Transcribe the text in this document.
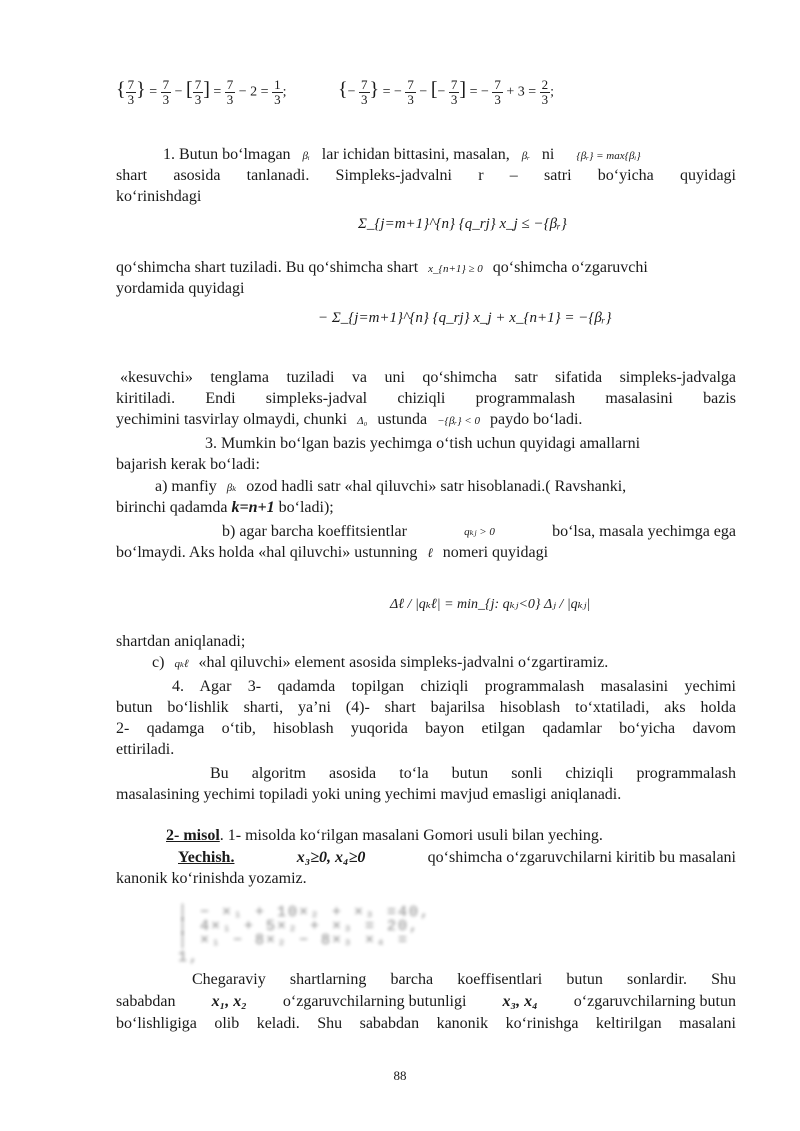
{ $\frac{7}{3}$ } = $\frac{7}{3}$ − [ $\frac{7}{3}$ ] = $\frac{7}{3} - 2 = \frac{1}{3}$ ;	{− $\frac{7}{3}$ } = − $\frac{7}{3}$ − [− $\frac{7}{3}$ ] = − $\frac{7}{3} + 3 = \frac{2}{3}$ ;
1. Butun bo‘lmagan βᵢ lar ichidan bittasini, masalan, βᵣ ni {βᵣ} = max{βᵢ}
shart asosida tanlanadi. Simpleks-jadvalni r – satri bo‘yicha quyidagi
ko‘rinishdagi
Σ_{j=m+1}^{n} {q_rj} x_j ≤ −{βᵣ}
qo‘shimcha shart tuziladi. Bu qo‘shimcha shart x_{n+1} ≥ 0 qo‘shimcha o‘zgaruvchi
yordamida quyidagi
− Σ_{j=m+1}^{n} {q_rj} x_j + x_{n+1} = −{βᵣ}
«kesuvchi» tenglama tuziladi va uni qo‘shimcha satr sifatida simpleks-jadvalga
kiritiladi. Endi simpleks-jadval chiziqli programmalash masalasini bazis
yechimini tasvirlay olmaydi, chunki Δ₀ ustunda −{βᵣ} < 0 paydo bo‘ladi.
3. Mumkin bo‘lgan bazis yechimga o‘tish uchun quyidagi amallarni
bajarish kerak bo‘ladi:
a) manfiy βₖ ozod hadli satr «hal qiluvchi» satr hisoblanadi.( Ravshanki,
birinchi qadamda k=n+1 bo‘ladi);
b) agar barcha koeffitsientlar	qₖⱼ > 0	bo‘lsa, masala yechimga ega
bo‘lmaydi. Aks holda «hal qiluvchi» ustunning ℓ nomeri quyidagi
Δℓ / |qₖℓ| = min_{j: qₖⱼ<0} Δⱼ / |qₖⱼ|
shartdan aniqlanadi;
c) qₖℓ «hal qiluvchi» element asosida simpleks-jadvalni o‘zgartiramiz.
4. Agar 3- qadamda topilgan chiziqli programmalash masalasini yechimi
butun bo‘lishlik sharti, ya’ni (4)- shart bajarilsa hisoblash to‘xtatiladi, aks holda
2- qadamga o‘tib, hisoblash yuqorida bayon etilgan qadamlar bo‘yicha davom
ettiriladi.
Bu algoritm asosida to‘la butun sonli chiziqli programmalash
masalasining yechimi topiladi yoki uning yechimi mavjud emasligi aniqlanadi.
2- misol. 1- misolda ko‘rilgan masalani Gomori usuli bilan yeching.
Yechish.	x₃≥0, x₄≥0	qo‘shimcha o‘zgaruvchilarni kiritib bu masalani
kanonik ko‘rinishda yozamiz.
│ − ×₁ + 10×₂ + ×₃ =40,
│ 4×₁ + 5×₂ + ×₃ = 20,
│ ×₁ − 8×₂ − 8×₃ ×₄ = 1,
Chegaraviy shartlarning barcha koeffisentlari butun sonlardir. Shu
sababdan x₁, x₂ o‘zgaruvchilarning butunligi x₃, x₄ o‘zgaruvchilarning butun
bo‘lishligiga olib keladi. Shu sababdan kanonik ko‘rinishga keltirilgan masalani
88
